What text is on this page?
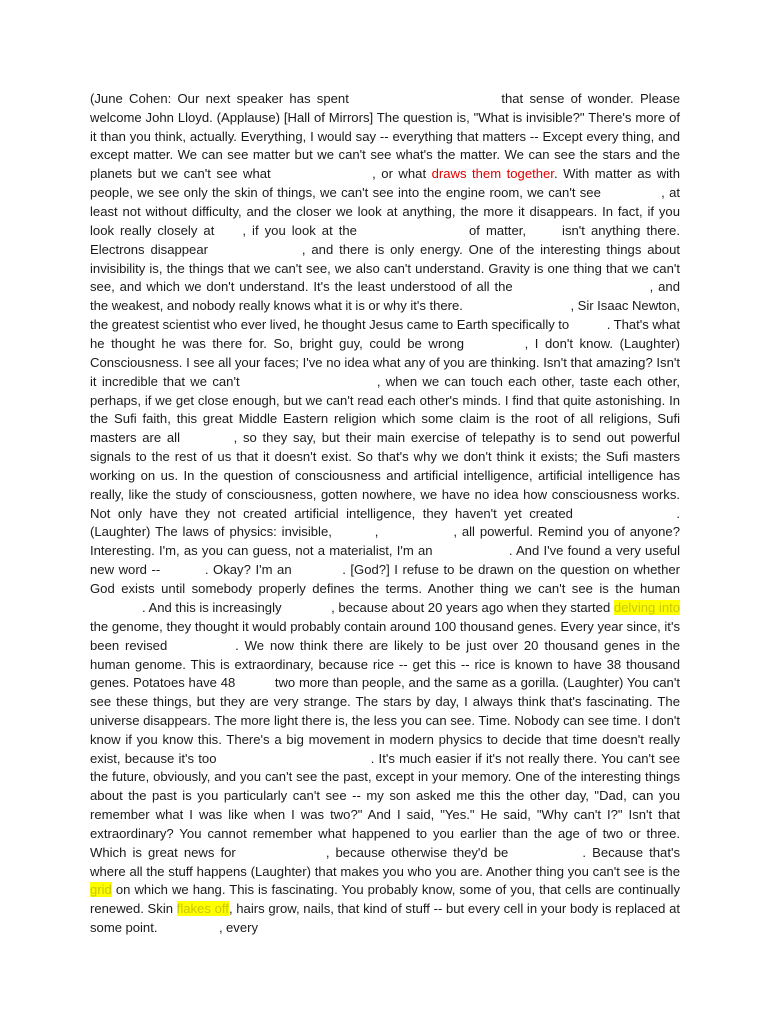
(June Cohen: Our next speaker has spent	that sense of wonder. Please welcome John Lloyd. (Applause) [Hall of Mirrors] The question is, "What is invisible?" There's more of it than you think, actually. Everything, I would say -- everything that matters -- Except every thing, and except matter. We can see matter but we can't see what's the matter. We can see the stars and the planets but we can't see what	, or what draws them together. With matter as with people, we see only the skin of things, we can't see into the engine room, we can't see	, at least not without difficulty, and the closer we look at anything, the more it disappears. In fact, if you look really closely at , if you look at the	of matter,  isn't anything there. Electrons disappear	, and there is only energy. One of the interesting things about invisibility is, the things that we can't see, we also can't understand. Gravity is one thing that we can't see, and which we don't understand. It's the least understood of all the	, and the weakest, and nobody really knows what it is or why it's there.	, Sir Isaac Newton, the greatest scientist who ever lived, he thought Jesus came to Earth specifically to	. That's what he thought he was there for. So, bright guy, could be wrong	, I don't know. (Laughter) Consciousness. I see all your faces; I've no idea what any of you are thinking. Isn't that amazing? Isn't it incredible that we can't	, when we can touch each other, taste each other, perhaps, if we get close enough, but we can't read each other's minds. I find that quite astonishing. In the Sufi faith, this great Middle Eastern religion which some claim is the root of all religions, Sufi masters are all	, so they say, but their main exercise of telepathy is to send out powerful signals to the rest of us that it doesn't exist. So that's why we don't think it exists; the Sufi masters working on us. In the question of consciousness and artificial intelligence, artificial intelligence has really, like the study of consciousness, gotten nowhere, we have no idea how consciousness works. Not only have they not created artificial intelligence, they haven't yet created	. (Laughter) The laws of physics: invisible,	,	, all powerful. Remind you of anyone? Interesting. I'm, as you can guess, not a materialist, I'm an	. And I've found a very useful new word --	. Okay? I'm an	. [God?] I refuse to be drawn on the question on whether God exists until somebody properly defines the terms. Another thing we can't see is the human . And this is increasingly	, because about 20 years ago when they started delving into the genome, they thought it would probably contain around 100 thousand genes. Every year since, it's been revised	. We now think there are likely to be just over 20 thousand genes in the human genome. This is extraordinary, because rice -- get this -- rice is known to have 38 thousand genes. Potatoes have 48  two more than people, and the same as a gorilla. (Laughter) You can't see these things, but they are very strange. The stars by day, I always think that's fascinating. The universe disappears. The more light there is, the less you can see. Time. Nobody can see time. I don't know if you know this. There's a big movement in modern physics to decide that time doesn't really exist, because it's too	. It's much easier if it's not really there. You can't see the future, obviously, and you can't see the past, except in your memory. One of the interesting things about the past is you particularly can't see -- my son asked me this the other day, "Dad, can you remember what I was like when I was two?" And I said, "Yes." He said, "Why can't I?" Isn't that extraordinary? You cannot remember what happened to you earlier than the age of two or three. Which is great news for	, because otherwise they'd be	. Because that's where all the stuff happens (Laughter) that makes you who you are. Another thing you can't see is the grid on which we hang. This is fascinating. You probably know, some of you, that cells are continually renewed. Skin flakes off, hairs grow, nails, that kind of stuff -- but every cell in your body is replaced at some point.	, every
